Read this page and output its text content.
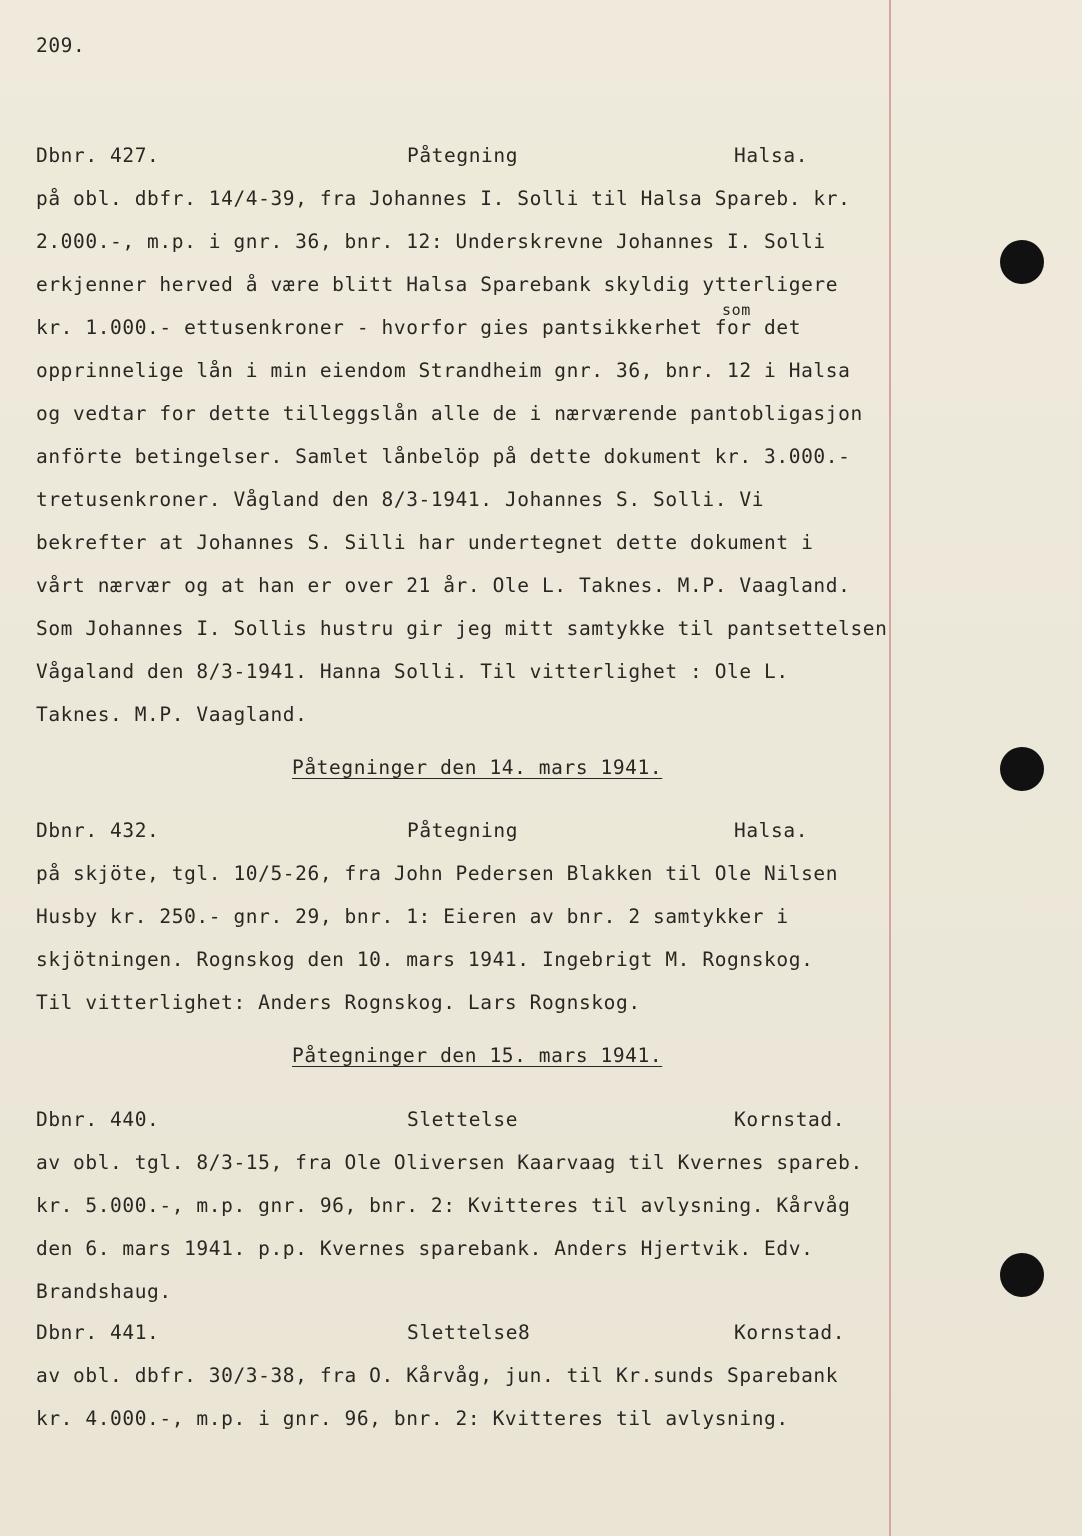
209.
Dbnr. 427.	Påtegning	Halsa.
på obl. dbfr. 14/4-39, fra Johannes I. Solli til Halsa Spareb. kr.
2.000.-, m.p. i gnr. 36, bnr. 12: Underskrevne Johannes I. Solli
erkjenner herved å være blitt Halsa Sparebank skyldig ytterligere
som
kr. 1.000.- ettusenkroner - hvorfor gies pantsikkerhet for det
opprinnelige lån i min eiendom Strandheim gnr. 36, bnr. 12 i Halsa
og vedtar for dette tilleggslån alle de i nærværende pantobligasjon
anförte betingelser. Samlet lånbelöp på dette dokument kr. 3.000.-
tretusenkroner. Vågland den 8/3-1941. Johannes S. Solli. Vi
bekrefter at Johannes S. Silli har undertegnet dette dokument i
vårt nærvær og at han er over 21 år. Ole L. Taknes. M.P. Vaagland.
Som Johannes I. Sollis hustru gir jeg mitt samtykke til pantsettelsen
Vågaland den 8/3-1941. Hanna Solli. Til vitterlighet : Ole L.
Taknes. M.P. Vaagland.
Påtegninger den 14. mars 1941.
Dbnr. 432.	Påtegning	Halsa.
på skjöte, tgl. 10/5-26, fra John Pedersen Blakken til Ole Nilsen
Husby kr. 250.- gnr. 29, bnr. 1: Eieren av bnr. 2 samtykker i
skjötningen. Rognskog den 10. mars 1941. Ingebrigt M. Rognskog.
Til vitterlighet: Anders Rognskog. Lars Rognskog.
Påtegninger den 15. mars 1941.
Dbnr. 440.	Slettelse	Kornstad.
av obl. tgl. 8/3-15, fra Ole Oliversen Kaarvaag til Kvernes spareb.
kr. 5.000.-, m.p. gnr. 96, bnr. 2: Kvitteres til avlysning. Kårvåg
den 6. mars 1941. p.p. Kvernes sparebank. Anders Hjertvik. Edv.
Brandshaug.
Dbnr. 441.	Slettelse8	Kornstad.
av obl. dbfr. 30/3-38, fra O. Kårvåg, jun. til Kr.sunds Sparebank
kr. 4.000.-, m.p. i gnr. 96, bnr. 2: Kvitteres til avlysning.
